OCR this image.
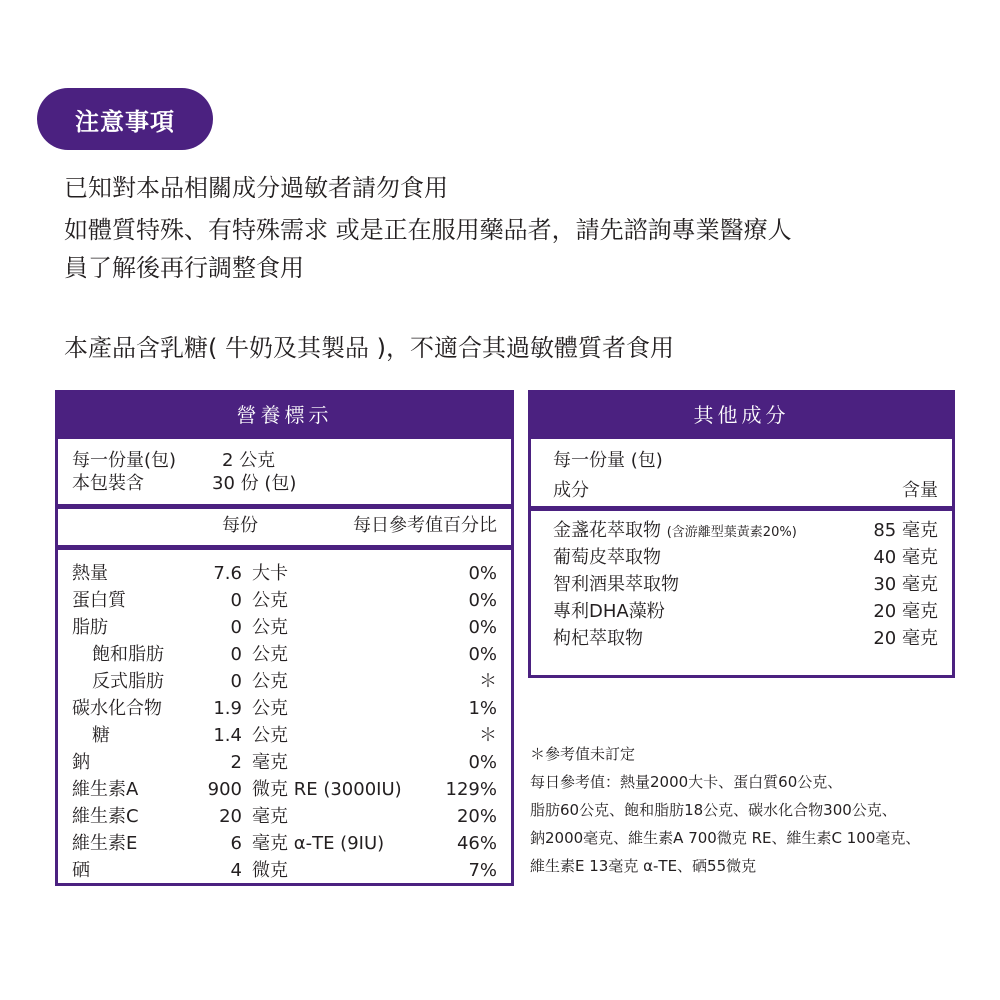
注意事項
已知對本品相關成分過敏者請勿食用
如體質特殊、有特殊需求 或是正在服用藥品者，請先諮詢專業醫療人
員了解後再行調整食用
本產品含乳糖( 牛奶及其製品 )，不適合其過敏體質者食用
營養標示
每一份量(包)	2 公克
本包裝含	30 份 (包)
每份	每日參考值百分比
熱量	7.6 大卡	0%
蛋白質	0 公克	0%
脂肪	0 公克	0%
飽和脂肪	0 公克	0%
反式脂肪	0 公克	＊
碳水化合物	1.9 公克	1%
糖	1.4 公克	＊
鈉	2 毫克	0%
維生素A	900 微克 RE (3000IU)	129%
維生素C	20 毫克	20%
維生素E	6 毫克 α-TE (9IU)	46%
硒	4 微克	7%
其他成分
每一份量 (包)
成分	含量
金盞花萃取物 (含游離型葉黃素20%)	85 毫克
葡萄皮萃取物	40 毫克
智利酒果萃取物	30 毫克
專利DHA藻粉	20 毫克
枸杞萃取物	20 毫克
＊參考值未訂定
每日參考值：熱量2000大卡、蛋白質60公克、
脂肪60公克、飽和脂肪18公克、碳水化合物300公克、
鈉2000毫克、維生素A 700微克 RE、維生素C 100毫克、
維生素E 13毫克 α-TE、硒55微克
